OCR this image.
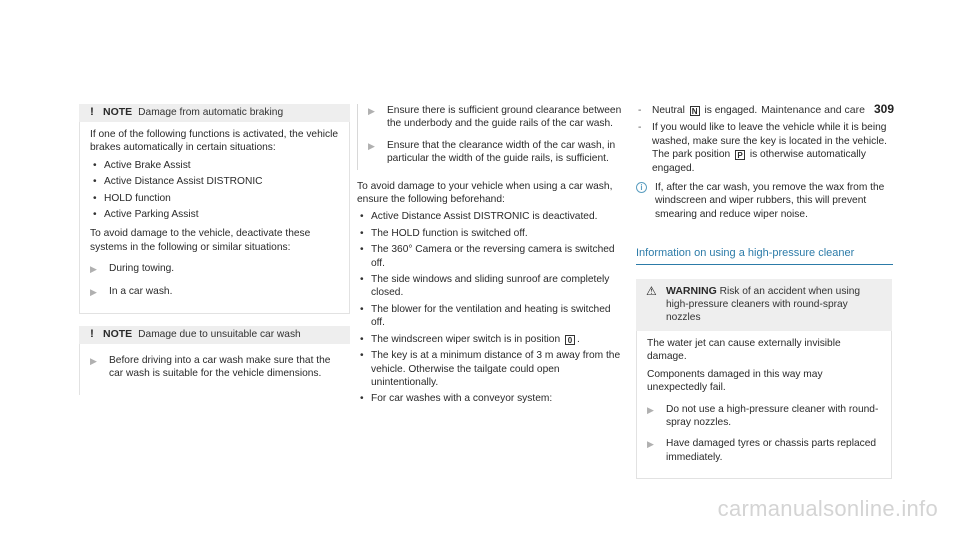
Maintenance and care 309
! NOTE Damage from automatic braking

If one of the following functions is activated, the vehicle brakes automatically in certain situations:

• Active Brake Assist
• Active Distance Assist DISTRONIC
• HOLD function
• Active Parking Assist

To avoid damage to the vehicle, deactivate these systems in the following or similar situations:

▶	During towing.
▶	In a car wash.
! NOTE Damage due to unsuitable car wash
▶	Before driving into a car wash make sure that the car wash is suitable for the vehicle dimensions.
▶	Ensure there is sufficient ground clearance between the underbody and the guide rails of the car wash.
▶	Ensure that the clearance width of the car wash, in particular the width of the guide rails, is sufficient.

To avoid damage to your vehicle when using a car wash, ensure the following beforehand:

• Active Distance Assist DISTRONIC is deactivated.
• The HOLD function is switched off.
• The 360° Camera or the reversing camera is switched off.
• The side windows and sliding sunroof are completely closed.
• The blower for the ventilation and heating is switched off.
• The windscreen wiper switch is in position 0 .
• The key is at a minimum distance of 3 m away from the vehicle. Otherwise the tailgate could open unintentionally.
• For car washes with a conveyor system:
- Neutral N is engaged.
- If you would like to leave the vehicle while it is being washed, make sure the key is located in the vehicle. The park position P is otherwise automatically engaged.
i	If, after the car wash, you remove the wax from the windscreen and wiper rubbers, this will prevent smearing and reduce wiper noise.
Information on using a high-pressure cleaner
⚠ WARNING Risk of an accident when using high-pressure cleaners with round-spray nozzles

The water jet can cause externally invisible damage.

Components damaged in this way may unexpectedly fail.

▶	Do not use a high-pressure cleaner with round-spray nozzles.
▶	Have damaged tyres or chassis parts replaced immediately.
carmanualsonline.info
